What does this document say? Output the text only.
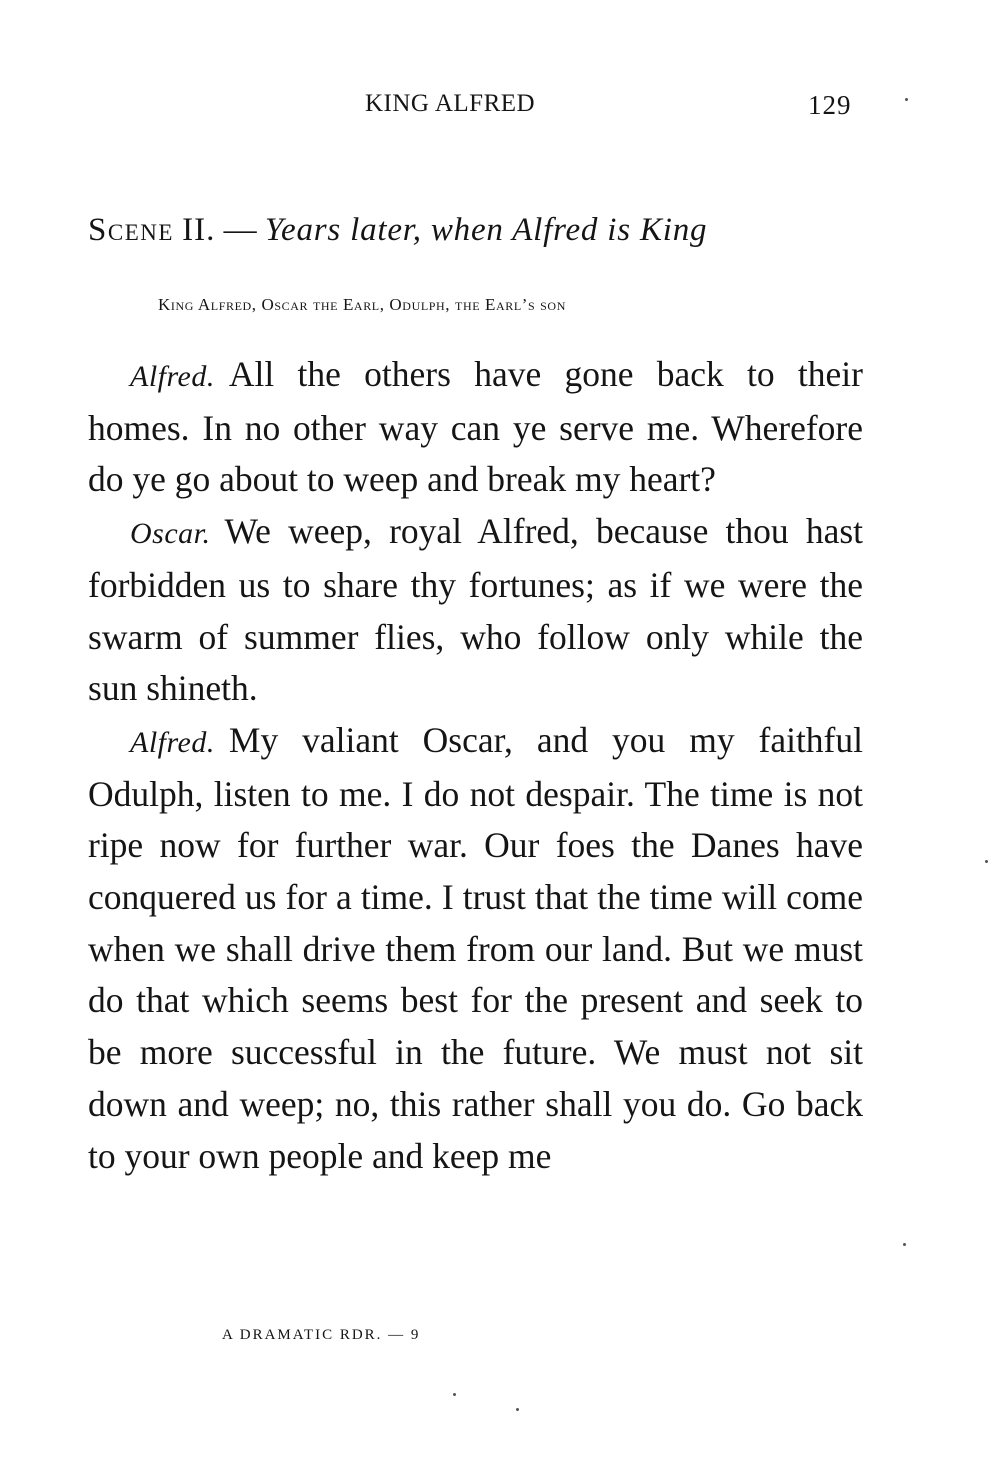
KING ALFRED	129
Scene II. — Years later, when Alfred is King
King Alfred, Oscar the Earl, Odulph, the Earl’s son

Alfred. All the others have gone back to their homes. In no other way can ye serve me. Wherefore do ye go about to weep and break my heart?

Oscar. We weep, royal Alfred, because thou hast forbidden us to share thy fortunes; as if we were the swarm of summer flies, who follow only while the sun shineth.

Alfred. My valiant Oscar, and you my faithful Odulph, listen to me. I do not despair. The time is not ripe now for further war. Our foes the Danes have conquered us for a time. I trust that the time will come when we shall drive them from our land. But we must do that which seems best for the present and seek to be more successful in the future. We must not sit down and weep; no, this rather shall you do. Go back to your own people and keep me

A DRAMATIC RDR. — 9
